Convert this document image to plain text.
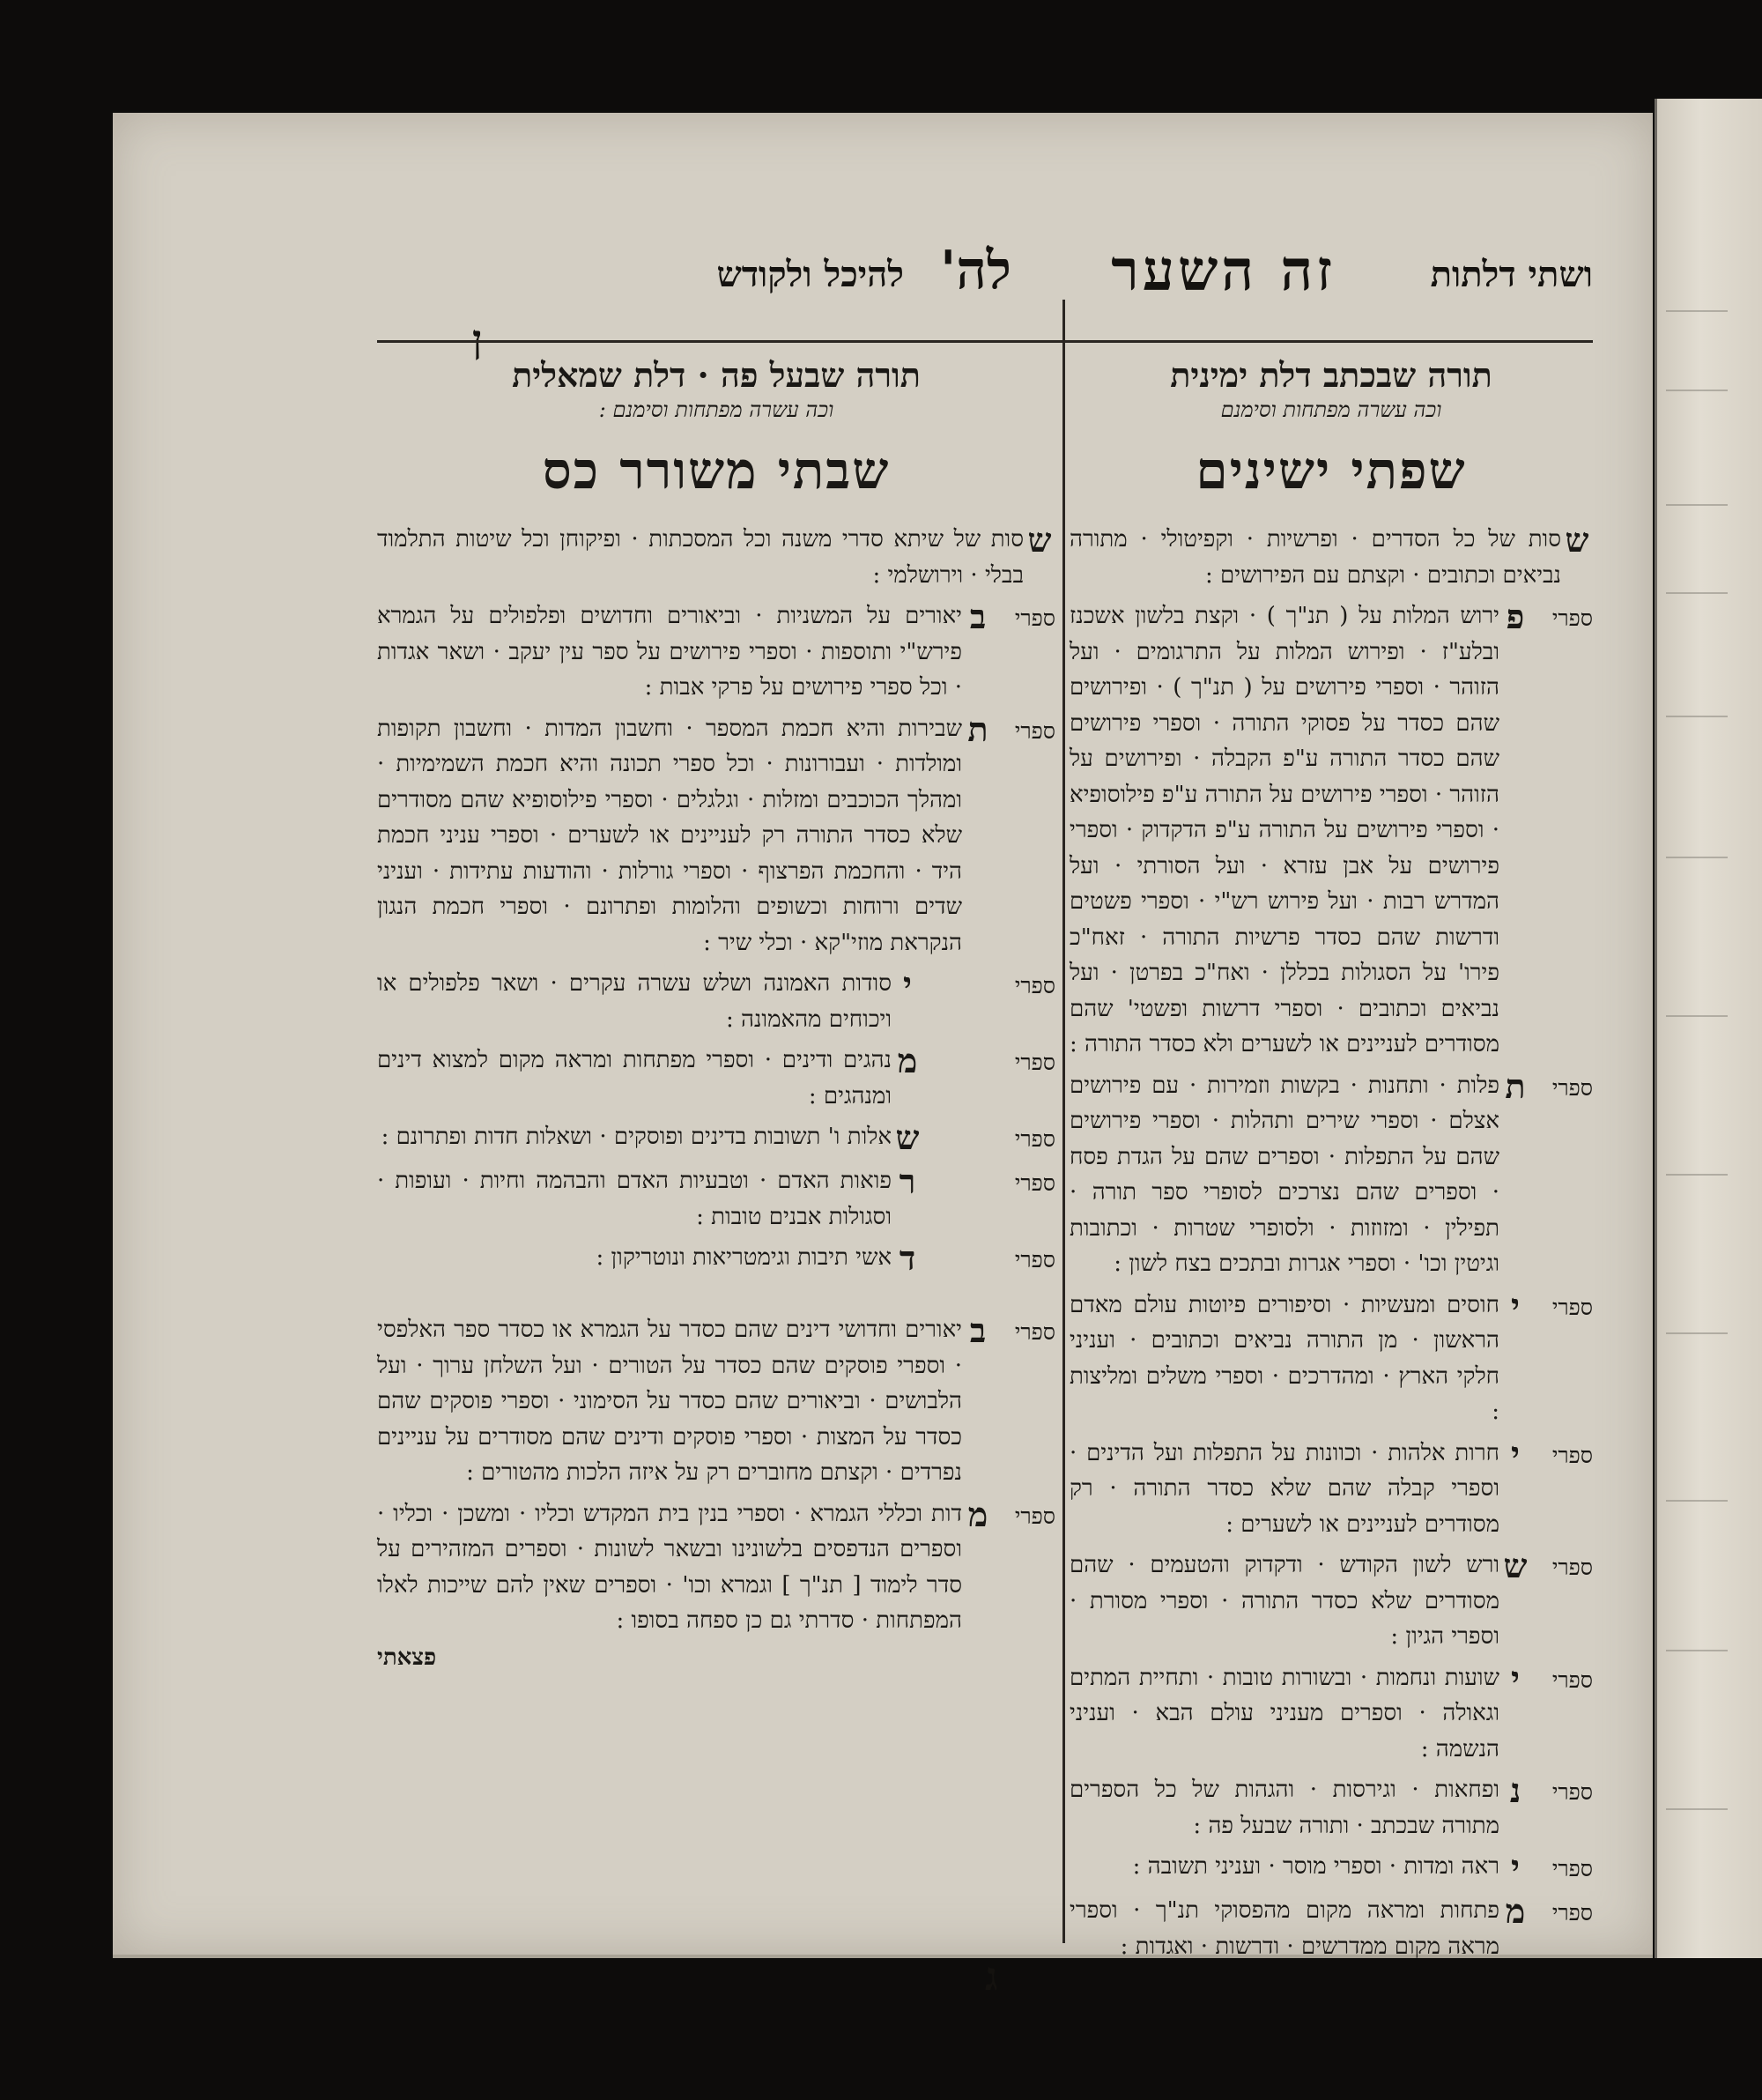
ושתי דלתות
זה השער
לה'
להיכל ולקודש
תורה שבכתב דלת ימינית
וכה עשרה מפתחות וסימנם
שפתי ישינים
ש
סות של כל הסדרים · ופרשיות · וקפיטולי · מתורה נביאים וכתובים · וקצתם עם הפירושים :
ספרי
פ
ירוש המלות על ( תנ"ך ) · וקצת בלשון אשכנז ובלע"ז · ופירוש המלות על התרגומים · ועל הזוהר · וספרי פירושים על ( תנ"ך ) · ופירושים שהם כסדר על פסוקי התורה · וספרי פירושים שהם כסדר התורה ע"פ הקבלה · ופירושים על הזוהר · וספרי פירושים על התורה ע"פ פילוסופיא · וספרי פירושים על התורה ע"פ הדקדוק · וספרי פירושים על אבן עזרא · ועל הסורתי · ועל המדרש רבות · ועל פירוש רש"י · וספרי פשטים ודרשות שהם כסדר פרשיות התורה · זאח"כ פירו' על הסגולות בכללן · ואח"כ בפרטן · ועל נביאים וכתובים · וספרי דרשות ופשטי' שהם מסודרים לעניינים או לשערים ולא כסדר התורה :
ספרי
ת
פלות · ותחנות · בקשות וזמירות · עם פירושים אצלם · וספרי שירים ותהלות · וספרי פירושים שהם על התפלות · וספרים שהם על הגדת פסח · וספרים שהם נצרכים לסופרי ספר תורה · תפילין · ומזוזות · ולסופרי שטרות · וכתובות וגיטין וכו' · וספרי אגרות ובתכים בצח לשון :
ספרי
י
חוסים ומעשיות · וסיפורים פיוטות עולם מאדם הראשון · מן התורה נביאים וכתובים · ועניני חלקי הארץ · ומהדרכים · וספרי משלים ומליצות :
ספרי
י
חרות אלהות · וכוונות על התפלות ועל הדינים · וספרי קבלה שהם שלא כסדר התורה · רק מסודרים לעניינים או לשערים :
ספרי
ש
ורש לשון הקודש · ודקדוק והטעמים · שהם מסודרים שלא כסדר התורה · וספרי מסורת · וספרי הגיון :
ספרי
י
שועות ונחמות · ובשורות טובות · ותחיית המתים וגאולה · וספרים מעניני עולם הבא · ועניני הנשמה :
ספרי
נ
ופחאות · וגירסות · והגהות של כל הספרים מתורה שבכתב · ותורה שבעל פה :
ספרי
י
ראה ומדות · וספרי מוסר · ועניני תשובה :
ספרי
מ
פתחות ומראה מקום מהפסוקי תנ"ך · וספרי מראה מקום ממדרשים · ודרשות · ואגדות :
תורה שבעל פה · דלת שמאלית
וכה עשרה מפתחות וסימנם :
שבתי משורר כס
ש
סות של שיתא סדרי משנה וכל המסכתות · ופיקוחן וכל שיטות התלמוד בבלי · וירושלמי :
ספרי
ב
יאורים על המשניות · וביאורים וחדושים ופלפולים על הגמרא פירש"י ותוספות · וספרי פירושים על ספר עין יעקב · ושאר אגדות · וכל ספרי פירושים על פרקי אבות :
ספרי
ת
שבירות והיא חכמת המספר · וחשבון המדות · וחשבון תקופות ומולדות · ועבורונות · וכל ספרי תכונה והיא חכמת השמימיות · ומהלך הכוכבים ומזלות · וגלגלים · וספרי פילוסופיא שהם מסודרים שלא כסדר התורה רק לעניינים או לשערים · וספרי עניני חכמת היד · והחכמת הפרצוף · וספרי גורלות · והודעות עתידות · ועניני שדים ורוחות וכשופים והלומות ופתרונם · וספרי חכמת הנגון הנקראת מוזי"קא · וכלי שיר :
ספרי
י
סודות האמונה ושלש עשרה עקרים · ושאר פלפולים או ויכוחים מהאמונה :
ספרי
מ
נהגים ודינים · וספרי מפתחות ומראה מקום למצוא דינים ומנהגים :
ספרי
ש
אלות ו' תשובות בדינים ופוסקים · ושאלות חדות ופתרונם :
ספרי
ר
פואות האדם · וטבעיות האדם והבהמה וחיות · ועופות · וסגולות אבנים טובות :
ספרי
ד
אשי תיבות וגימטריאות ונוטריקון :
ספרי
ב
יאורים וחדושי דינים שהם כסדר על הגמרא או כסדר ספר האלפסי · וספרי פוסקים שהם כסדר על הטורים · ועל השלחן ערוך · ועל הלבושים · וביאורים שהם כסדר על הסימוני · וספרי פוסקים שהם כסדר על המצות · וספרי פוסקים ודינים שהם מסודרים על עניינים נפרדים · וקצתם מחוברים רק על איזה הלכות מהטורים :
ספרי
מ
דות וכללי הגמרא · וספרי בנין בית המקדש וכליו · ומשכן · וכליו · וספרים הנדפסים בלשונינו ובשאר לשונות · וספרים המזהירים על סדר לימוד [ תנ"ך ] וגמרא וכו' · וספרים שאין להם שייכות לאלו המפתחות · סדרתי גם כן ספחה בסופו :
פצאתי
ג
